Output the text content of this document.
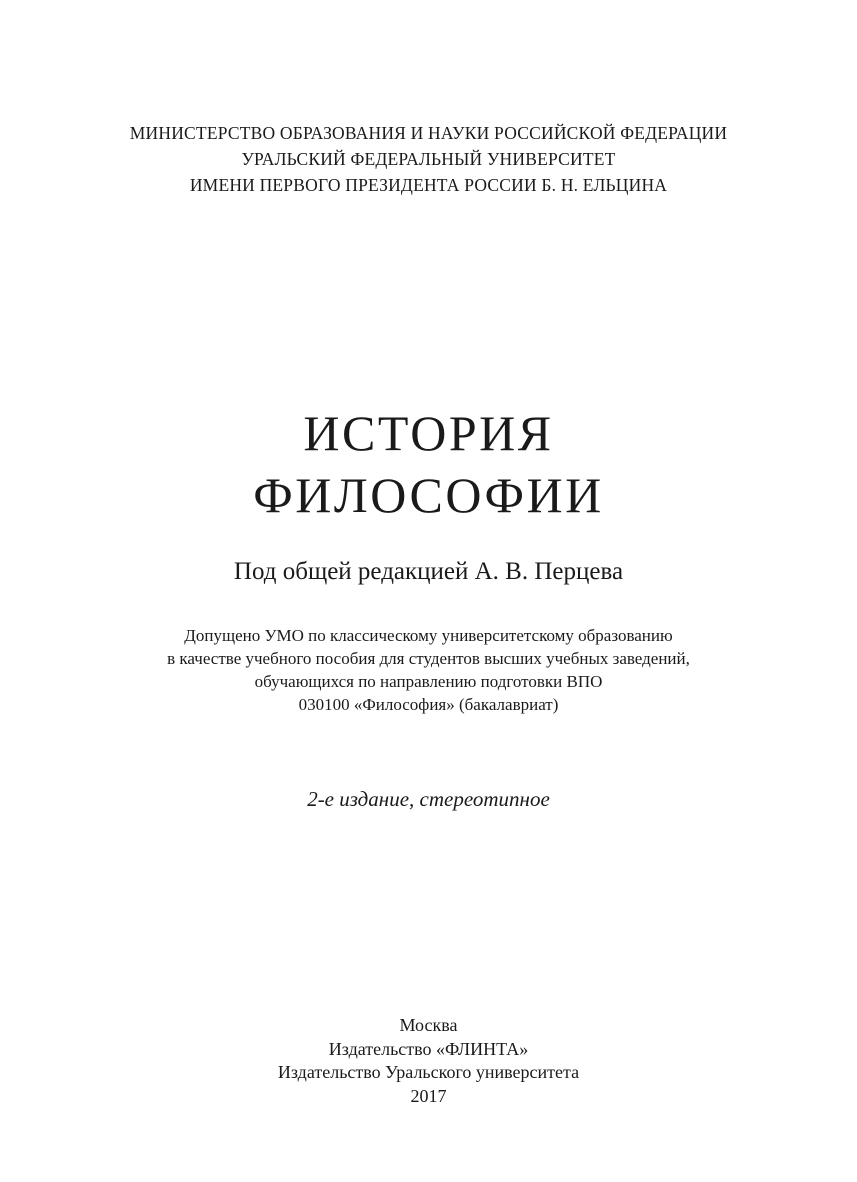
МИНИСТЕРСТВО ОБРАЗОВАНИЯ И НАУКИ РОССИЙСКОЙ ФЕДЕРАЦИИ
УРАЛЬСКИЙ ФЕДЕРАЛЬНЫЙ УНИВЕРСИТЕТ
ИМЕНИ ПЕРВОГО ПРЕЗИДЕНТА РОССИИ Б. Н. ЕЛЬЦИНА
ИСТОРИЯ
ФИЛОСОФИИ
Под общей редакцией А. В. Перцева
Допущено УМО по классическому университетскому образованию
в качестве учебного пособия для студентов высших учебных заведений,
обучающихся по направлению подготовки ВПО
030100 «Философия» (бакалавриат)
2-е издание, стереотипное
Москва
Издательство «ФЛИНТА»
Издательство Уральского университета
2017
